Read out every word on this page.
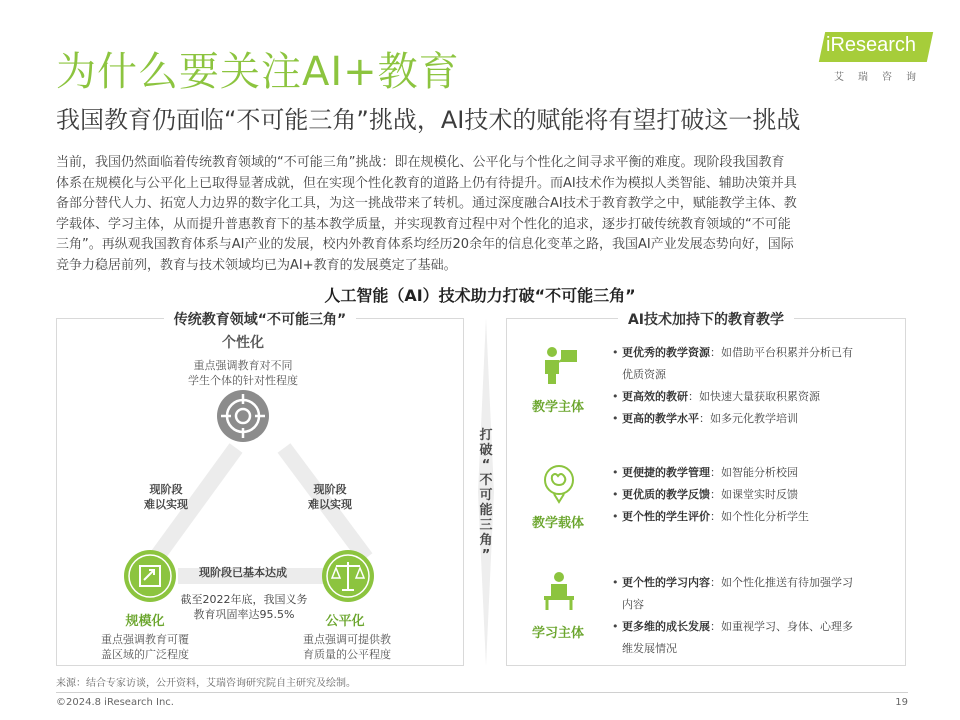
为什么要关注AI+教育
我国教育仍面临“不可能三角”挑战，AI技术的赋能将有望打破这一挑战
iResearch
艾瑞咨询
当前，我国仍然面临着传统教育领域的“不可能三角”挑战：即在规模化、公平化与个性化之间寻求平衡的难度。现阶段我国教育
体系在规模化与公平化上已取得显著成就，但在实现个性化教育的道路上仍有待提升。而AI技术作为模拟人类智能、辅助决策并具
备部分替代人力、拓宽人力边界的数字化工具，为这一挑战带来了转机。通过深度融合AI技术于教育教学之中，赋能教学主体、教
学载体、学习主体，从而提升普惠教育下的基本教学质量，并实现教育过程中对个性化的追求，逐步打破传统教育领域的“不可能
三角”。再纵观我国教育体系与AI产业的发展，校内外教育体系均经历20余年的信息化变革之路，我国AI产业发展态势向好，国际
竞争力稳居前列，教育与技术领域均已为AI+教育的发展奠定了基础。
人工智能（AI）技术助力打破“不可能三角”
传统教育领域“不可能三角”
个性化
重点强调教育对不同
学生个体的针对性程度
现阶段
难以实现
现阶段
难以实现
现阶段已基本达成
截至2022年底，我国义务
教育巩固率达95.5%
规模化
重点强调教育可覆
盖区域的广泛程度
公平化
重点强调可提供教
育质量的公平程度
打
破
“
不
可
能
三
角
”
AI技术加持下的教育教学
教学主体
• 更优秀的教学资源：如借助平台积累并分析已有
优质资源
• 更高效的教研：如快速大量获取积累资源
• 更高的教学水平：如多元化教学培训
教学载体
• 更便捷的教学管理：如智能分析校园
• 更优质的教学反馈：如课堂实时反馈
• 更个性的学生评价：如个性化分析学生
学习主体
• 更个性的学习内容：如个性化推送有待加强学习
内容
• 更多维的成长发展：如重视学习、身体、心理多
维发展情况
来源：结合专家访谈，公开资料，艾瑞咨询研究院自主研究及绘制。
©2024.8 iResearch Inc.	19
